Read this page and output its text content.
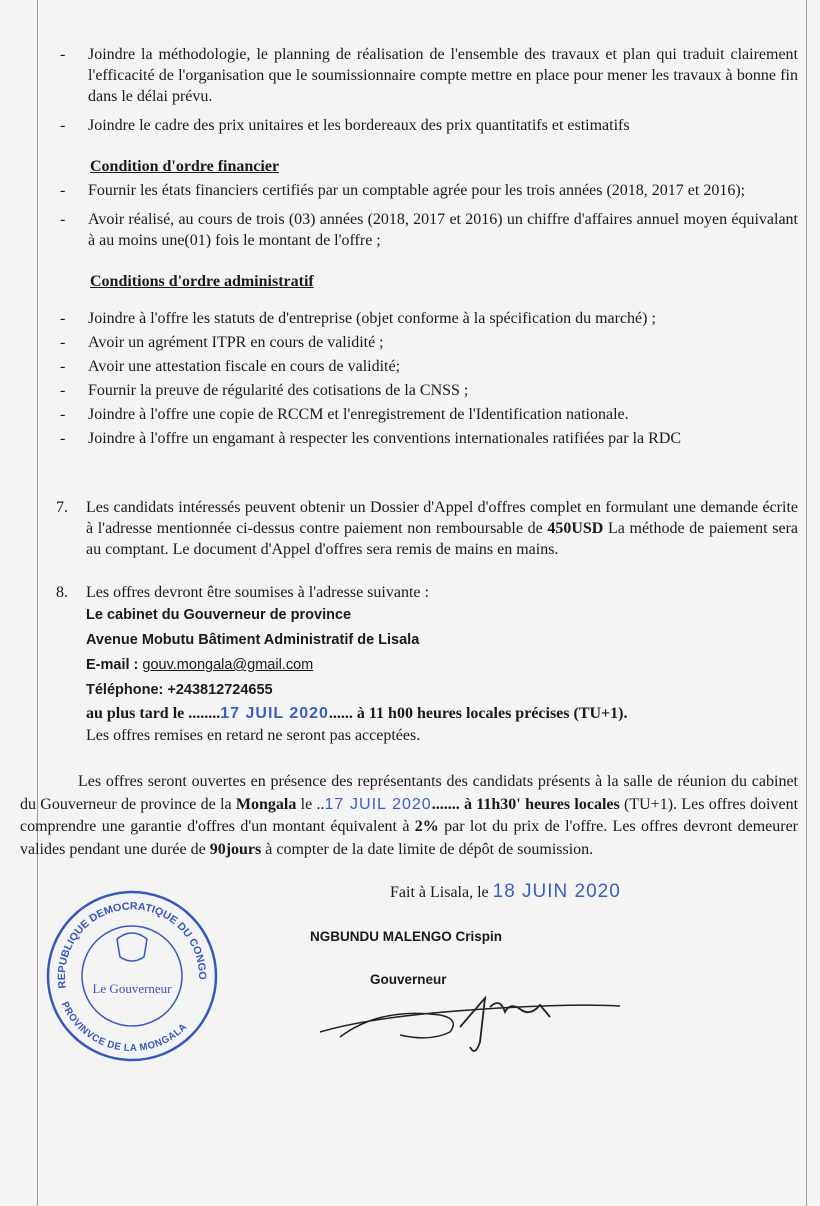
-	Joindre la méthodologie, le planning de réalisation de l'ensemble des travaux et plan qui traduit clairement l'efficacité de l'organisation que le soumissionnaire compte mettre en place pour mener les travaux à bonne fin dans le délai prévu.
-	Joindre le cadre des prix unitaires et les bordereaux des prix quantitatifs et estimatifs
Condition d'ordre financier
-	Fournir les états financiers certifiés par un comptable agrée pour les trois années (2018, 2017 et 2016);
-	Avoir réalisé, au cours de trois (03) années (2018, 2017 et 2016) un chiffre d'affaires annuel moyen équivalant à au moins une(01) fois le montant de l'offre ;
Conditions d'ordre administratif
-	Joindre à l'offre les statuts de d'entreprise (objet conforme à la spécification du marché) ;
-	Avoir un agrément ITPR en cours de validité ;
-	Avoir une attestation fiscale en cours de validité;
-	Fournir la preuve de régularité des cotisations de la CNSS ;
-	Joindre à l'offre une copie de RCCM et l'enregistrement de l'Identification nationale.
-	Joindre à l'offre un engamant à respecter les conventions internationales ratifiées par la RDC
7.	Les candidats intéressés peuvent obtenir un Dossier d'Appel d'offres complet en formulant une demande écrite à l'adresse mentionnée ci-dessus contre paiement non remboursable de 450USD La méthode de paiement sera au comptant. Le document d'Appel d'offres sera remis de mains en mains.
8.	Les offres devront être soumises à l'adresse suivante :
Le cabinet du Gouverneur de province
Avenue Mobutu Bâtiment Administratif de Lisala
E-mail : gouv.mongala@gmail.com
Téléphone: +243812724655
au plus tard le ........17 JUIL 2020...... à 11 h00 heures locales précises (TU+1).
Les offres remises en retard ne seront pas acceptées.
Les offres seront ouvertes en présence des représentants des candidats présents à la salle de réunion du cabinet du Gouverneur de province de la Mongala le ..17 JUIL 2020....... à 11h30' heures locales (TU+1). Les offres doivent comprendre une garantie d'offres d'un montant équivalent à 2% par lot du prix de l'offre. Les offres devront demeurer valides pendant une durée de 90jours à compter de la date limite de dépôt de soumission.
Fait à Lisala, le 18 JUIN 2020
NGBUNDU MALENGO Crispin
Gouverneur
REPUBLIQUE DEMOCRATIQUE DU CONGO
PROVINVCE DE LA MONGALA
Le Gouverneur
